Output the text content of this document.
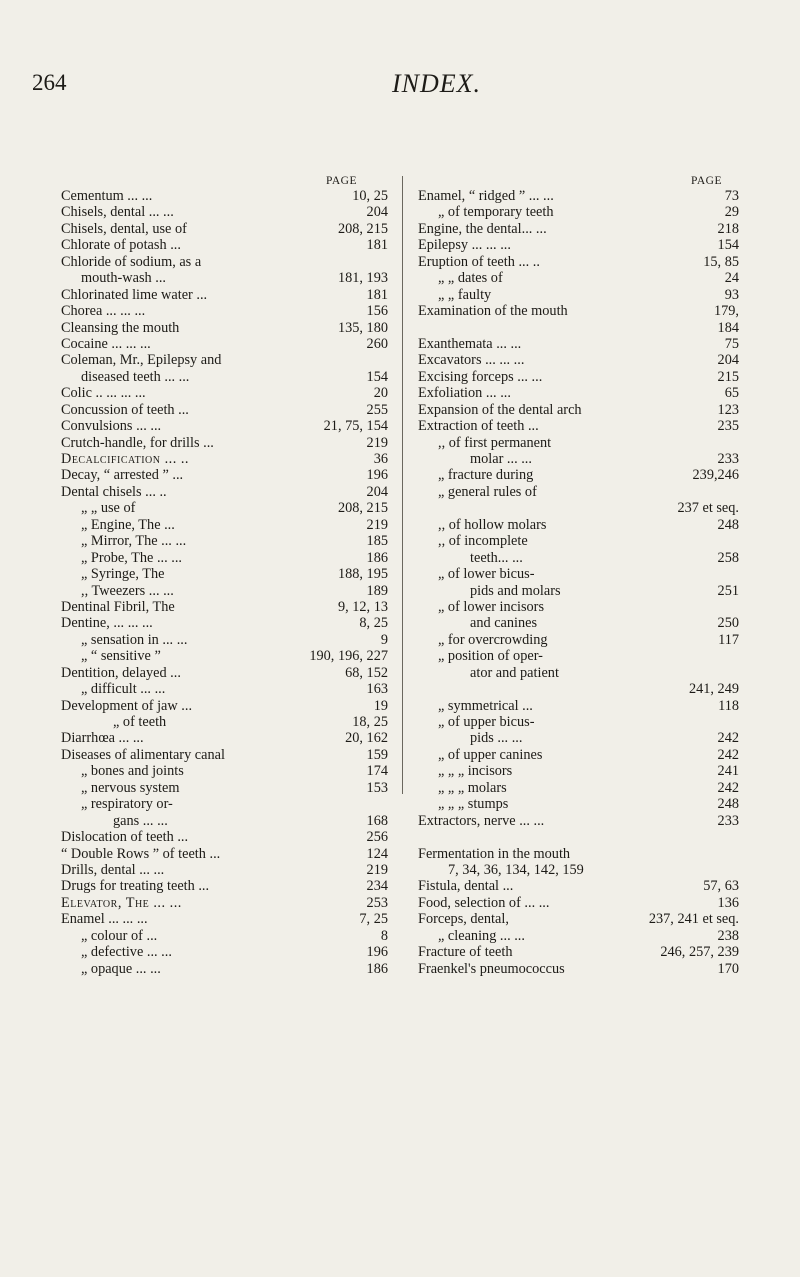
264	INDEX.
PAGE	PAGE
Cementum ... ...	10, 25
Chisels, dental ... ...	204
Chisels, dental, use of	208, 215
Chlorate of potash ...	181
Chloride of sodium, as a
mouth-wash ...	181, 193
Chlorinated lime water ...	181
Chorea ... ... ...	156
Cleansing the mouth	135, 180
Cocaine ... ... ...	260
Coleman, Mr., Epilepsy and
diseased teeth ... ...	154
Colic .. ... ... ...	20
Concussion of teeth ...	255
Convulsions ... ...	21, 75, 154
Crutch-handle, for drills ...	219
Decalcification ... ..	36
Decay, “ arrested ” ...	196
Dental chisels ... ..	204
„ „ use of	208, 215
„ Engine, The ...	219
„ Mirror, The ... ...	185
„ Probe, The ... ...	186
„ Syringe, The	188, 195
,, Tweezers ... ...	189
Dentinal Fibril, The	9, 12, 13
Dentine, ... ... ...	8, 25
„ sensation in ... ...	9
„ “ sensitive ”	190, 196, 227
Dentition, delayed ...	68, 152
„ difficult ... ...	163
Development of jaw ...	19
„ of teeth	18, 25
Diarrhœa ... ...	20, 162
Diseases of alimentary canal	159
„ bones and joints	174
„ nervous system	153
„ respiratory or-
gans ... ...	168
Dislocation of teeth ...	256
“ Double Rows ” of teeth ...	124
Drills, dental ... ...	219
Drugs for treating teeth ...	234
Elevator, The ... ...	253
Enamel ... ... ...	7, 25
„ colour of ...	8
„ defective ... ...	196
„ opaque ... ...	186
Enamel, “ ridged ” ... ...	73
„ of temporary teeth	29
Engine, the dental... ...	218
Epilepsy ... ... ...	154
Eruption of teeth ... ..	15, 85
„ „ dates of	24
„ „ faulty	93
Examination of the mouth	179,
184
Exanthemata ... ...	75
Excavators ... ... ...	204
Excising forceps ... ...	215
Exfoliation ... ...	65
Expansion of the dental arch	123
Extraction of teeth ...	235
,, of first permanent
molar ... ...	233
„ fracture during	239,246
„ general rules of
237 et seq.
,, of hollow molars	248
,, of incomplete
teeth... ...	258
„ of lower bicus-
pids and molars	251
„ of lower incisors
and canines	250
„ for overcrowding	117
„ position of oper-
ator and patient
241, 249
„ symmetrical ...	118
„ of upper bicus-
pids ... ...	242
„ of upper canines	242
„ „ „ incisors	241
„ „ „ molars	242
„ „ „ stumps	248
Extractors, nerve ... ...	233
Fermentation in the mouth
7, 34, 36, 134, 142, 159
Fistula, dental ...	57, 63
Food, selection of ... ...	136
Forceps, dental,	237, 241 et seq.
„ cleaning ... ...	238
Fracture of teeth	246, 257, 239
Fraenkel's pneumococcus	170
